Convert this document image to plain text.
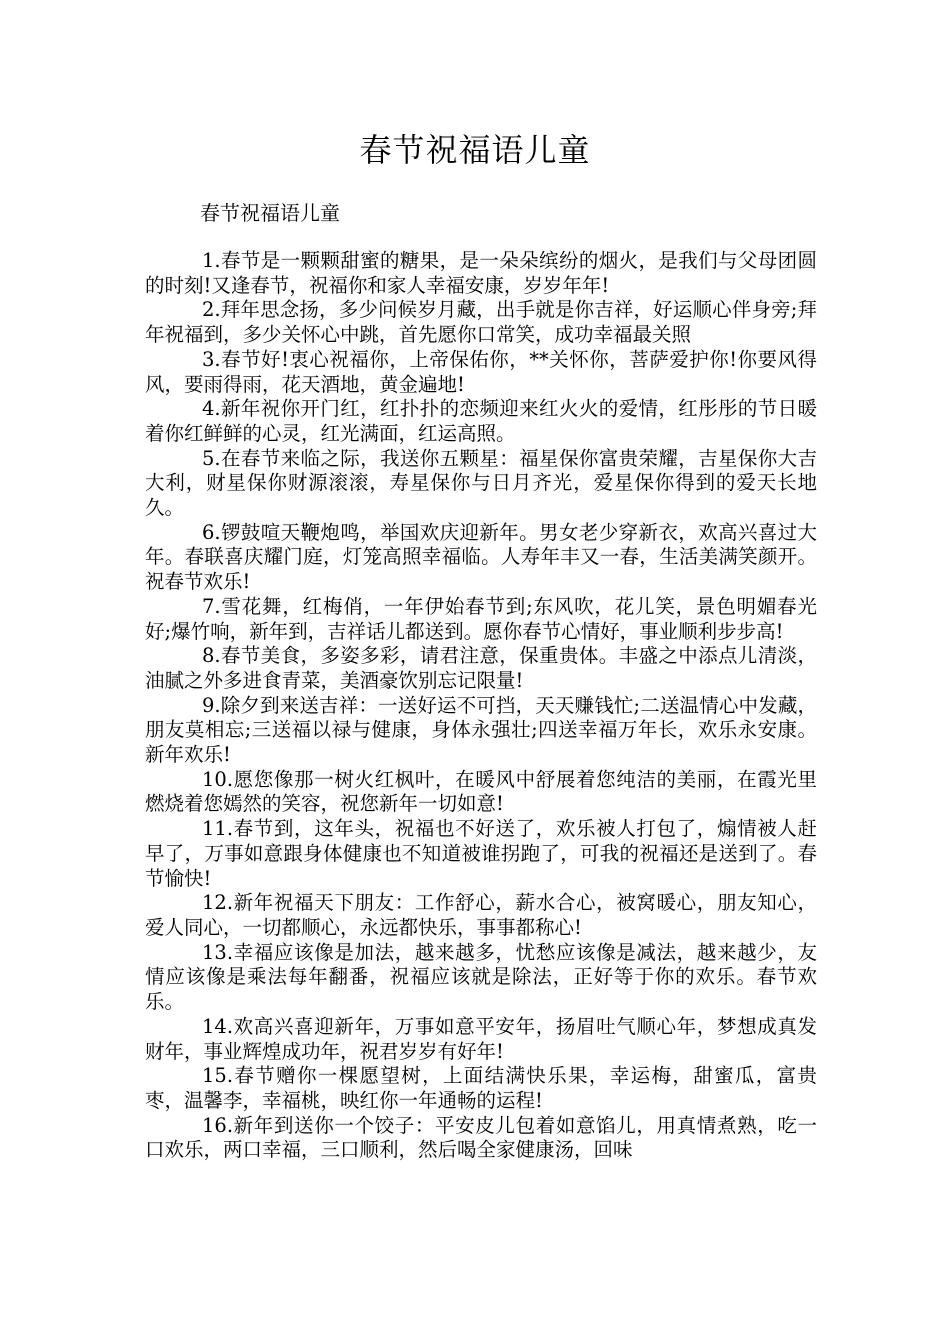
春节祝福语儿童

春节祝福语儿童

1.春节是一颗颗甜蜜的糖果，是一朵朵缤纷的烟火，是我们与父母团圆的时刻!又逢春节，祝福你和家人幸福安康，岁岁年年!

2.拜年思念扬，多少问候岁月藏，出手就是你吉祥，好运顺心伴身旁;拜年祝福到，多少关怀心中跳，首先愿你口常笑，成功幸福最关照

3.春节好!衷心祝福你，上帝保佑你，**关怀你，菩萨爱护你!你要风得风，要雨得雨，花天酒地，黄金遍地!

4.新年祝你开门红，红扑扑的恋频迎来红火火的爱情，红彤彤的节日暖着你红鲜鲜的心灵，红光满面，红运高照。

5.在春节来临之际，我送你五颗星：福星保你富贵荣耀，吉星保你大吉大利，财星保你财源滚滚，寿星保你与日月齐光，爱星保你得到的爱天长地久。

6.锣鼓喧天鞭炮鸣，举国欢庆迎新年。男女老少穿新衣，欢高兴喜过大年。春联喜庆耀门庭，灯笼高照幸福临。人寿年丰又一春，生活美满笑颜开。祝春节欢乐!

7.雪花舞，红梅俏，一年伊始春节到;东风吹，花儿笑，景色明媚春光好;爆竹响，新年到，吉祥话儿都送到。愿你春节心情好，事业顺利步步高!

8.春节美食，多姿多彩，请君注意，保重贵体。丰盛之中添点儿清淡，油腻之外多进食青菜，美酒豪饮别忘记限量!

9.除夕到来送吉祥：一送好运不可挡，天天赚钱忙;二送温情心中发藏，朋友莫相忘;三送福以禄与健康，身体永强壮;四送幸福万年长，欢乐永安康。新年欢乐!

10.愿您像那一树火红枫叶，在暖风中舒展着您纯洁的美丽，在霞光里燃烧着您嫣然的笑容，祝您新年一切如意!

11.春节到，这年头，祝福也不好送了，欢乐被人打包了，煽情被人赶早了，万事如意跟身体健康也不知道被谁拐跑了，可我的祝福还是送到了。春节愉快!

12.新年祝福天下朋友：工作舒心，薪水合心，被窝暖心，朋友知心，爱人同心，一切都顺心，永远都快乐，事事都称心!

13.幸福应该像是加法，越来越多，忧愁应该像是减法，越来越少，友情应该像是乘法每年翻番，祝福应该就是除法，正好等于你的欢乐。春节欢乐。

14.欢高兴喜迎新年，万事如意平安年，扬眉吐气顺心年，梦想成真发财年，事业辉煌成功年，祝君岁岁有好年!

15.春节赠你一棵愿望树，上面结满快乐果，幸运梅，甜蜜瓜，富贵枣，温馨李，幸福桃，映红你一年通畅的运程!

16.新年到送你一个饺子：平安皮儿包着如意馅儿，用真情煮熟，吃一口欢乐，两口幸福，三口顺利，然后喝全家健康汤，回味
